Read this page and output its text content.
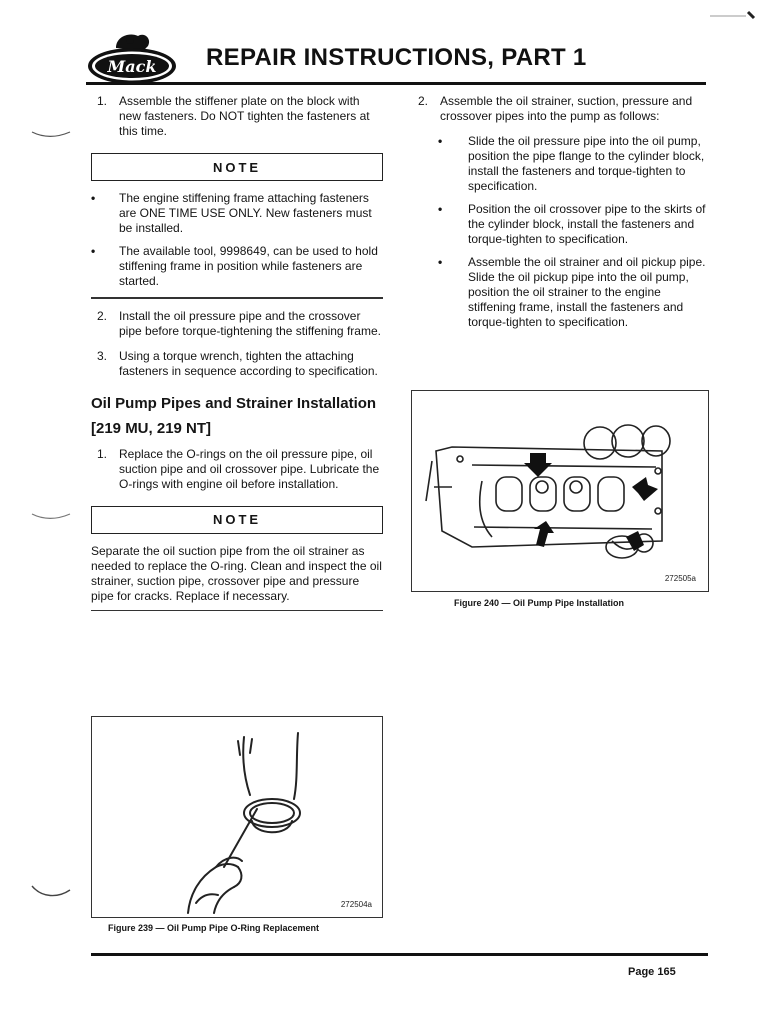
Mack REPAIR INSTRUCTIONS, PART 1
1. Assemble the stiffener plate on the block with new fasteners. Do NOT tighten the fasteners at this time.
NOTE
• The engine stiffening frame attaching fasteners are ONE TIME USE ONLY. New fasteners must be installed.
• The available tool, 9998649, can be used to hold stiffening frame in position while fasteners are started.
2. Install the oil pressure pipe and the crossover pipe before torque-tightening the stiffening frame.
3. Using a torque wrench, tighten the attaching fasteners in sequence according to specification.
Oil Pump Pipes and Strainer Installation
[219 MU, 219 NT]
1. Replace the O-rings on the oil pressure pipe, oil suction pipe and oil crossover pipe. Lubricate the O-rings with engine oil before installation.
NOTE
Separate the oil suction pipe from the oil strainer as needed to replace the O-ring. Clean and inspect the oil strainer, suction pipe, crossover pipe and pressure pipe for cracks. Replace if necessary.
272504a
Figure 239 — Oil Pump Pipe O-Ring Replacement
2. Assemble the oil strainer, suction, pressure and crossover pipes into the pump as follows:
• Slide the oil pressure pipe into the oil pump, position the pipe flange to the cylinder block, install the fasteners and torque-tighten to specification.
• Position the oil crossover pipe to the skirts of the cylinder block, install the fasteners and torque-tighten to specification.
• Assemble the oil strainer and oil pickup pipe. Slide the oil pickup pipe into the oil pump, position the oil strainer to the engine stiffening frame, install the fasteners and torque-tighten to specification.
272505a
Figure 240 — Oil Pump Pipe Installation
Page 165
